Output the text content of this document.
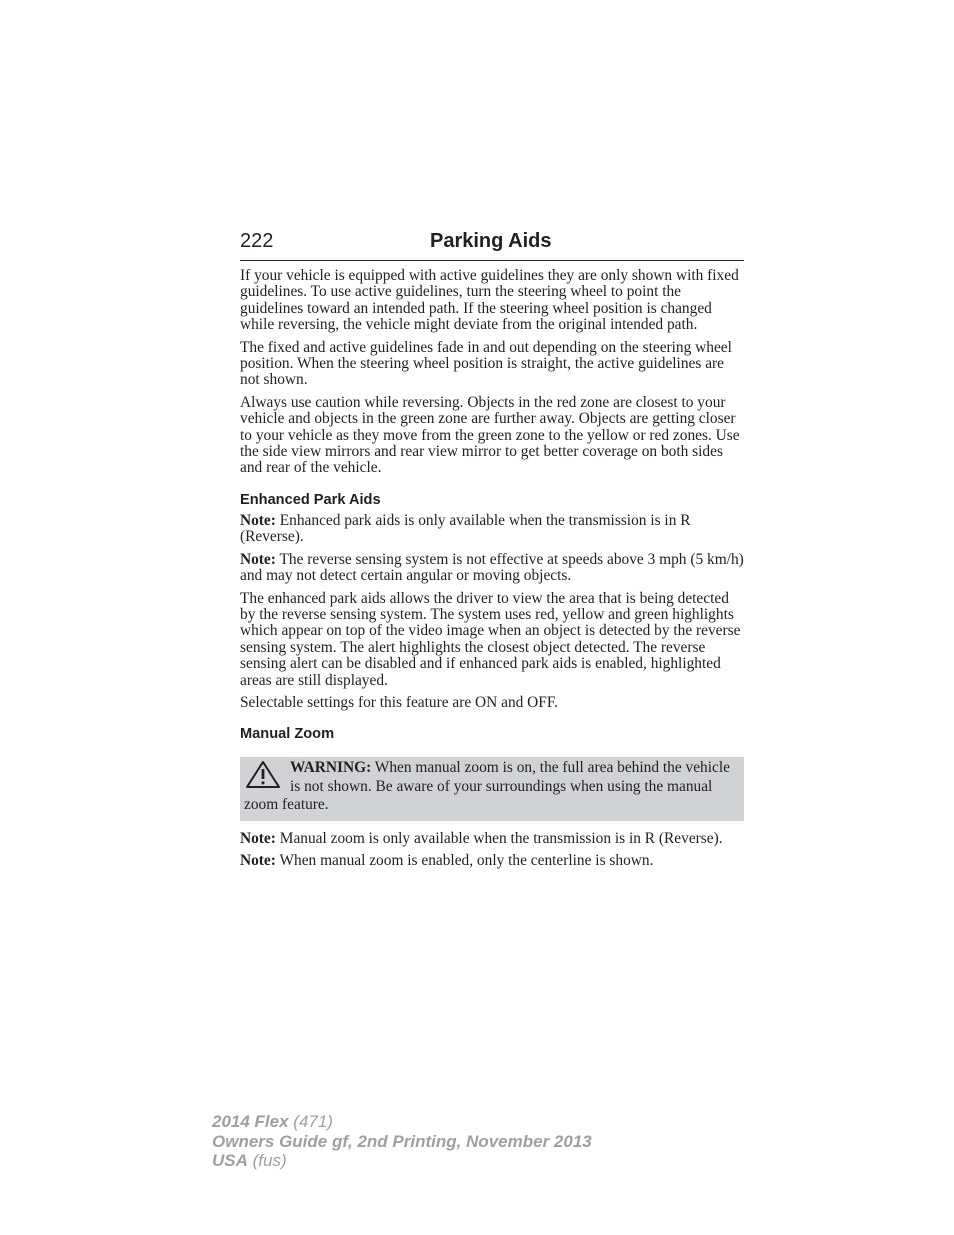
222	Parking Aids

If your vehicle is equipped with active guidelines they are only shown with fixed guidelines. To use active guidelines, turn the steering wheel to point the guidelines toward an intended path. If the steering wheel position is changed while reversing, the vehicle might deviate from the original intended path.

The fixed and active guidelines fade in and out depending on the steering wheel position. When the steering wheel position is straight, the active guidelines are not shown.

Always use caution while reversing. Objects in the red zone are closest to your vehicle and objects in the green zone are further away. Objects are getting closer to your vehicle as they move from the green zone to the yellow or red zones. Use the side view mirrors and rear view mirror to get better coverage on both sides and rear of the vehicle.

Enhanced Park Aids

Note: Enhanced park aids is only available when the transmission is in R (Reverse).

Note: The reverse sensing system is not effective at speeds above 3 mph (5 km/h) and may not detect certain angular or moving objects.

The enhanced park aids allows the driver to view the area that is being detected by the reverse sensing system. The system uses red, yellow and green highlights which appear on top of the video image when an object is detected by the reverse sensing system. The alert highlights the closest object detected. The reverse sensing alert can be disabled and if enhanced park aids is enabled, highlighted areas are still displayed.

Selectable settings for this feature are ON and OFF.

Manual Zoom
WARNING: When manual zoom is on, the full area behind the vehicle is not shown. Be aware of your surroundings when using the manual zoom feature.

Note: Manual zoom is only available when the transmission is in R (Reverse).

Note: When manual zoom is enabled, only the centerline is shown.

2014 Flex (471)
Owners Guide gf, 2nd Printing, November 2013
USA (fus)
